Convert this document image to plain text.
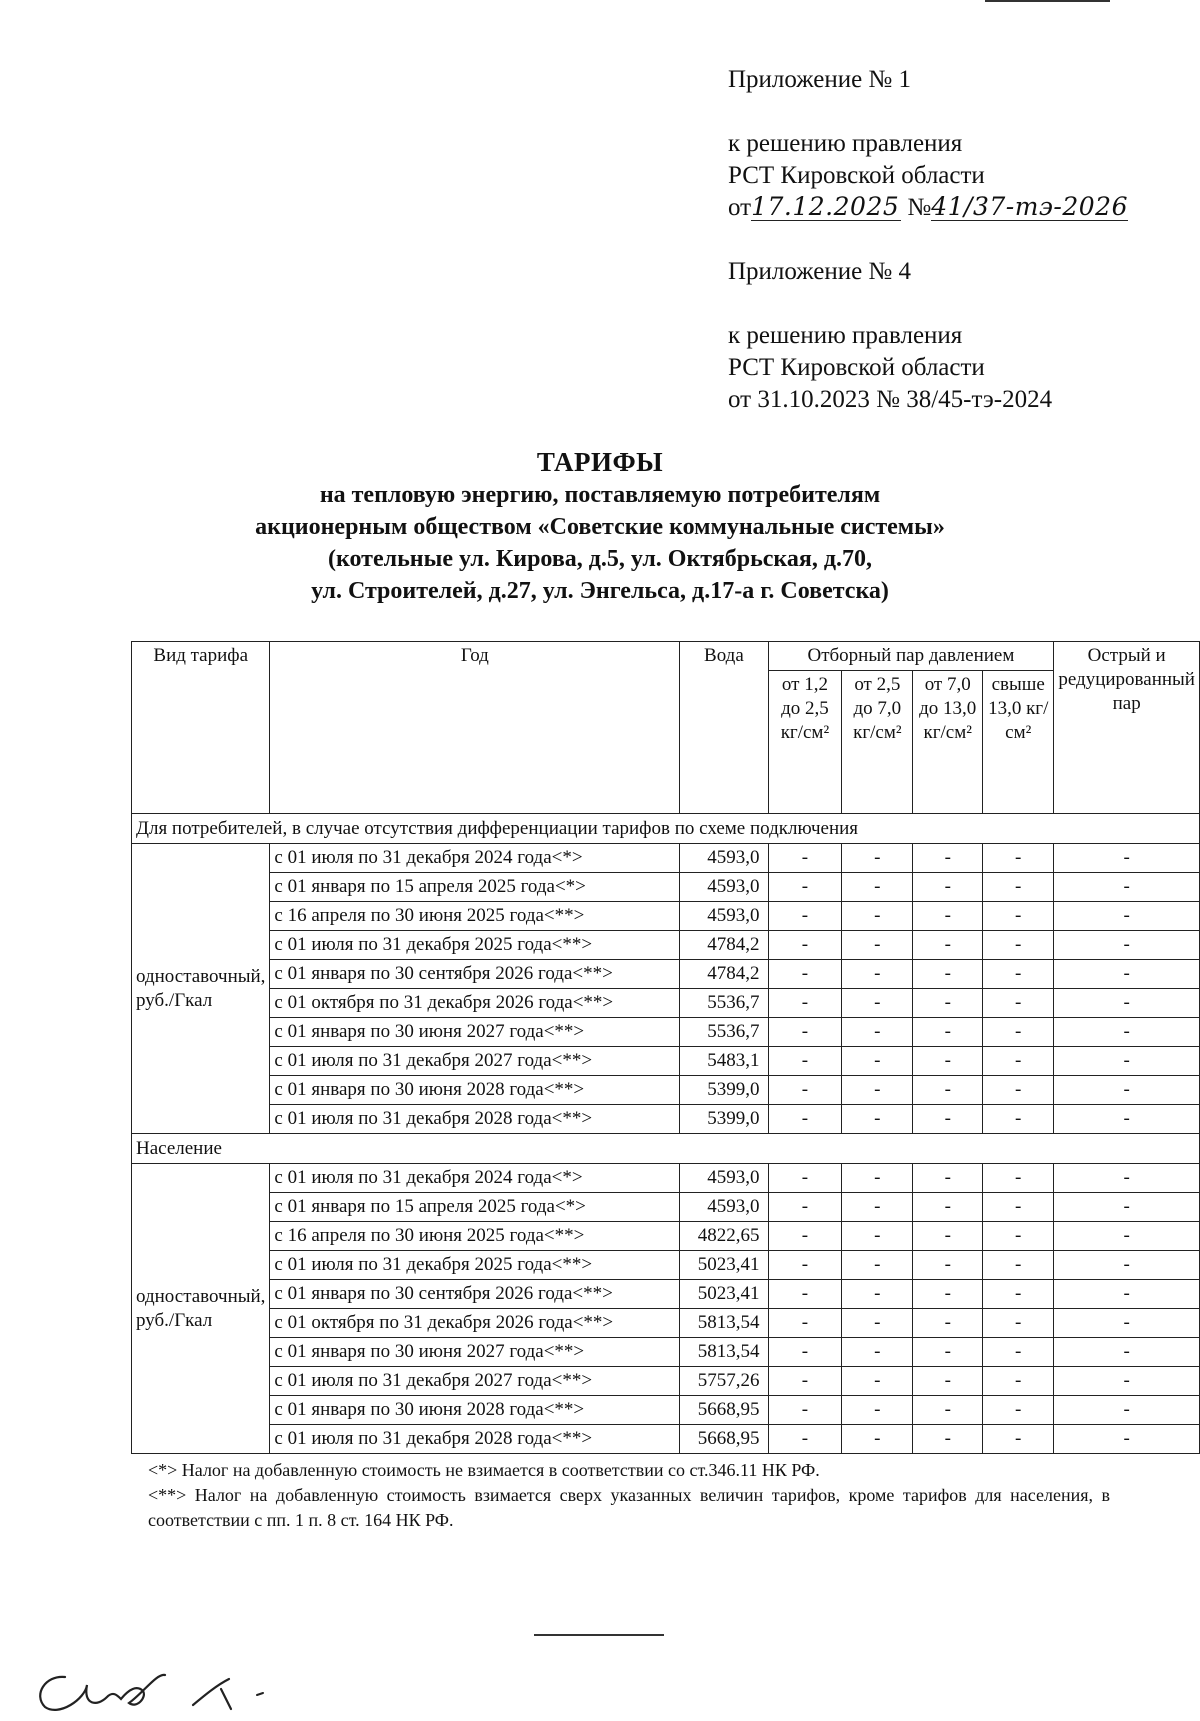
Приложение № 1
к решению правления
РСТ Кировской области
от17.12.2025 №41/37-тэ-2026
Приложение № 4
к решению правления
РСТ Кировской области
от 31.10.2023 № 38/45-тэ-2024
ТАРИФЫ
на тепловую энергию, поставляемую потребителям
акционерным обществом «Советские коммунальные системы»
(котельные ул. Кирова, д.5, ул. Октябрьская, д.70,
ул. Строителей, д.27, ул. Энгельса, д.17-а г. Советска)
Вид тарифа	Год	Вода	Отборный пар давлением				Острый и редуцированный пар
			от 1,2 до 2,5 кг/см²	от 2,5 до 7,0 кг/см²	от 7,0 до 13,0 кг/см²	свыше 13,0 кг/см²	
Для потребителей, в случае отсутствия дифференциации тарифов по схеме подключения							
одноставочный, руб./Гкал	с 01 июля по 31 декабря 2024 года<*>	4593,0	-	-	-	-	-
	с 01 января по 15 апреля 2025 года<*>	4593,0	-	-	-	-	-
	с 16 апреля по 30 июня 2025 года<**>	4593,0	-	-	-	-	-
	с 01 июля по 31 декабря 2025 года<**>	4784,2	-	-	-	-	-
	с 01 января по 30 сентября 2026 года<**>	4784,2	-	-	-	-	-
	с 01 октября по 31 декабря 2026 года<**>	5536,7	-	-	-	-	-
	с 01 января по 30 июня 2027 года<**>	5536,7	-	-	-	-	-
	с 01 июля по 31 декабря 2027 года<**>	5483,1	-	-	-	-	-
	с 01 января по 30 июня 2028 года<**>	5399,0	-	-	-	-	-
	с 01 июля по 31 декабря 2028 года<**>	5399,0	-	-	-	-	-
Население							
одноставочный, руб./Гкал	с 01 июля по 31 декабря 2024 года<*>	4593,0	-	-	-	-	-
	с 01 января по 15 апреля 2025 года<*>	4593,0	-	-	-	-	-
	с 16 апреля по 30 июня 2025 года<**>	4822,65	-	-	-	-	-
	с 01 июля по 31 декабря 2025 года<**>	5023,41	-	-	-	-	-
	с 01 января по 30 сентября 2026 года<**>	5023,41	-	-	-	-	-
	с 01 октября по 31 декабря 2026 года<**>	5813,54	-	-	-	-	-
	с 01 января по 30 июня 2027 года<**>	5813,54	-	-	-	-	-
	с 01 июля по 31 декабря 2027 года<**>	5757,26	-	-	-	-	-
	с 01 января по 30 июня 2028 года<**>	5668,95	-	-	-	-	-
	с 01 июля по 31 декабря 2028 года<**>	5668,95	-	-	-	-	-

<*> Налог на добавленную стоимость не взимается в соответствии со ст.346.11 НК РФ.

<**> Налог на добавленную стоимость взимается сверх указанных величин тарифов, кроме тарифов для населения, в соответствии с пп. 1 п. 8 ст. 164 НК РФ.
